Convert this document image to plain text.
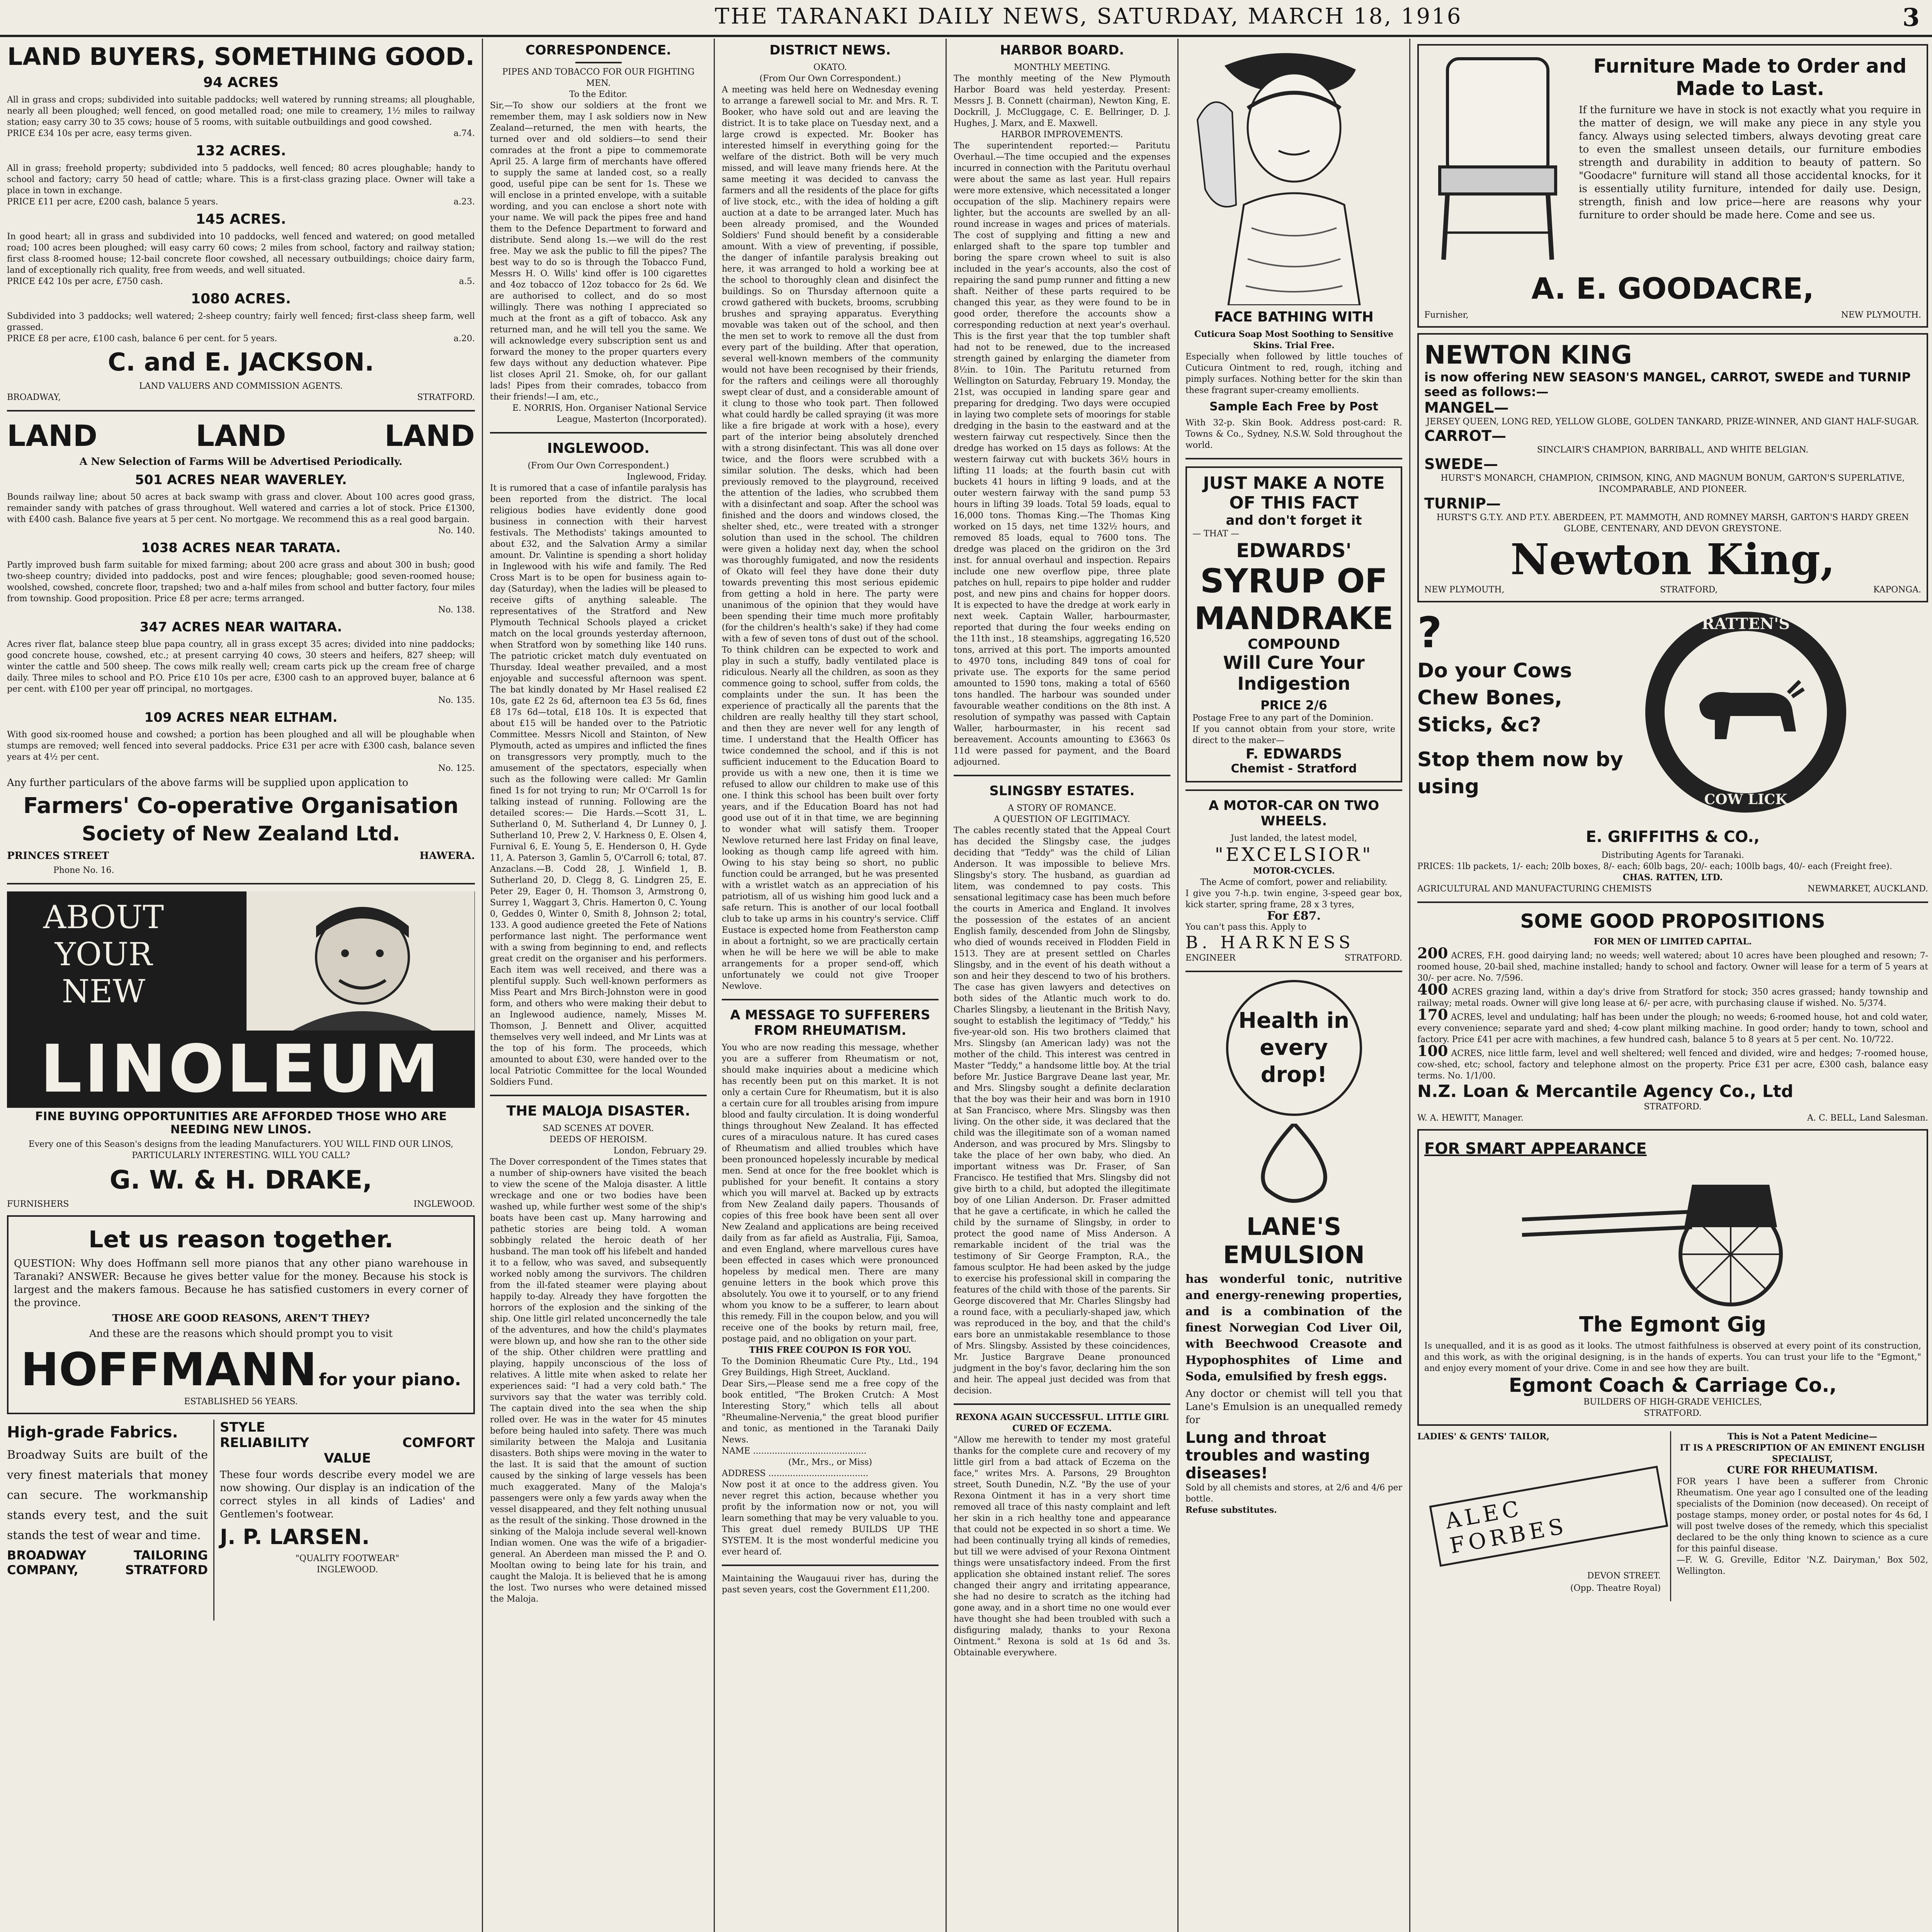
THE TARANAKI DAILY NEWS, SATURDAY, MARCH 18, 1916	3
LAND BUYERS, SOMETHING GOOD.
94 ACRES

All in grass and crops; subdivided into suitable paddocks; well watered by running streams; all ploughable, nearly all been ploughed; well fenced, on good metalled road; one mile to creamery, 1½ miles to railway station; easy carry 30 to 35 cows; house of 5 rooms, with suitable outbuildings and good cowshed.

PRICE £34 10s per acre, easy terms given.	a.74.

132 ACRES.

All in grass; freehold property; subdivided into 5 paddocks, well fenced; 80 acres ploughable; handy to school and factory; carry 50 head of cattle; whare. This is a first-class grazing place. Owner will take a place in town in exchange.

PRICE £11 per acre, £200 cash, balance 5 years.	a.23.

145 ACRES.

In good heart; all in grass and subdivided into 10 paddocks, well fenced and watered; on good metalled road; 100 acres been ploughed; will easy carry 60 cows; 2 miles from school, factory and railway station; first class 8-roomed house; 12-bail concrete floor cowshed, all necessary outbuildings; choice dairy farm, land of exceptionally rich quality, free from weeds, and well situated.

PRICE £42 10s per acre, £750 cash.	a.5.

1080 ACRES.

Subdivided into 3 paddocks; well watered; 2-sheep country; fairly well fenced; first-class sheep farm, well grassed.

PRICE £8 per acre, £100 cash, balance 6 per cent. for 5 years.	a.20.

C. and E. JACKSON.
LAND VALUERS AND COMMISSION AGENTS.
BROADWAY,	STRATFORD.
LAND	LAND	LAND
A New Selection of Farms Will be Advertised Periodically.
501 ACRES NEAR WAVERLEY.

Bounds railway line; about 50 acres at back swamp with grass and clover. About 100 acres good grass, remainder sandy with patches of grass throughout. Well watered and carries a lot of stock. Price £1300, with £400 cash. Balance five years at 5 per cent. No mortgage. We recommend this as a real good bargain.

No. 140.

1038 ACRES NEAR TARATA.

Partly improved bush farm suitable for mixed farming; about 200 acre grass and about 300 in bush; good two-sheep country; divided into paddocks, post and wire fences; ploughable; good seven-roomed house; woolshed, cowshed, concrete floor, trapshed; two and a-half miles from school and butter factory, four miles from township. Good proposition. Price £8 per acre; terms arranged.

No. 138.

347 ACRES NEAR WAITARA.

Acres river flat, balance steep blue papa country, all in grass except 35 acres; divided into nine paddocks; good concrete house, cowshed, etc.; at present carrying 40 cows, 30 steers and heifers, 827 sheep; will winter the cattle and 500 sheep. The cows milk really well; cream carts pick up the cream free of charge daily. Three miles to school and P.O. Price £10 10s per acre, £300 cash to an approved buyer, balance at 6 per cent. with £100 per year off principal, no mortgages.

No. 135.

109 ACRES NEAR ELTHAM.

With good six-roomed house and cowshed; a portion has been ploughed and all will be ploughable when stumps are removed; well fenced into several paddocks. Price £31 per acre with £300 cash, balance seven years at 4½ per cent.

No. 125.

Any further particulars of the above farms will be supplied upon application to

Farmers' Co-operative Organisation
Society of New Zealand Ltd.
PRINCES STREET	HAWERA.
Phone No. 16.
ABOUT YOUR NEW
LINOLEUM
FINE BUYING OPPORTUNITIES ARE AFFORDED THOSE WHO ARE NEEDING NEW LINOS.

Every one of this Season's designs from the leading Manufacturers. YOU WILL FIND OUR LINOS, PARTICULARLY INTERESTING. WILL YOU CALL?

G. W. & H. DRAKE,
FURNISHERS	INGLEWOOD.
Let us reason together.

QUESTION: Why does Hoffmann sell more pianos that any other piano warehouse in Taranaki? ANSWER: Because he gives better value for the money. Because his stock is largest and the makers famous. Because he has satisfied customers in every corner of the province.

THOSE ARE GOOD REASONS, AREN'T THEY?
And these are the reasons which should prompt you to visit
HOFFMANN for your piano.
ESTABLISHED 56 YEARS.
High-grade Fabrics.

Broadway Suits are built of the very finest materials that money can secure. The workmanship stands every test, and the suit stands the test of wear and time.

BROADWAY	TAILORING
COMPANY,	STRATFORD
STYLE
RELIABILITY	COMFORT
VALUE

These four words describe every model we are now showing. Our display is an indication of the correct styles in all kinds of Ladies' and Gentlemen's footwear.

J. P. LARSEN.
"QUALITY FOOTWEAR"
INGLEWOOD.
CORRESPONDENCE.
PIPES AND TOBACCO FOR OUR FIGHTING MEN.
To the Editor.

Sir,—To show our soldiers at the front we remember them, may I ask soldiers now in New Zealand—returned, the men with hearts, the turned over and old soldiers—to send their comrades at the front a pipe to commemorate April 25. A large firm of merchants have offered to supply the same at landed cost, so a really good, useful pipe can be sent for 1s. These we will enclose in a printed envelope, with a suitable wording, and you can enclose a short note with your name. We will pack the pipes free and hand them to the Defence Department to forward and distribute. Send along 1s.—we will do the rest free. May we ask the public to fill the pipes? The best way to do so is through the Tobacco Fund, Messrs H. O. Wills' kind offer is 100 cigarettes and 4oz tobacco of 12oz tobacco for 2s 6d. We are authorised to collect, and do so most willingly. There was nothing I appreciated so much at the front as a gift of tobacco. Ask any returned man, and he will tell you the same. We will acknowledge every subscription sent us and forward the money to the proper quarters every few days without any deduction whatever. Pipe list closes April 21. Smoke, oh, for our gallant lads! Pipes from their comrades, tobacco from their friends!—I am, etc.,

E. NORRIS, Hon. Organiser National Service League, Masterton (Incorporated).

INGLEWOOD.
(From Our Own Correspondent.)
Inglewood, Friday.

It is rumored that a case of infantile paralysis has been reported from the district. The local religious bodies have evidently done good business in connection with their harvest festivals. The Methodists' takings amounted to about £32, and the Salvation Army a similar amount. Dr. Valintine is spending a short holiday in Inglewood with his wife and family. The Red Cross Mart is to be open for business again to-day (Saturday), when the ladies will be pleased to receive gifts of anything saleable. The representatives of the Stratford and New Plymouth Technical Schools played a cricket match on the local grounds yesterday afternoon, when Stratford won by something like 140 runs. The patriotic cricket match duly eventuated on Thursday. Ideal weather prevailed, and a most enjoyable and successful afternoon was spent. The bat kindly donated by Mr Hasel realised £2 10s, gate £2 2s 6d, afternoon tea £3 5s 6d, fines £8 17s 6d—total, £18 10s. It is expected that about £15 will be handed over to the Patriotic Committee. Messrs Nicoll and Stainton, of New Plymouth, acted as umpires and inflicted the fines on transgressors very promptly, much to the amusement of the spectators, especially when such as the following were called: Mr Gamlin fined 1s for not trying to run; Mr O'Carroll 1s for talking instead of running. Following are the detailed scores:— Die Hards.—Scott 31, L. Sutherland 0, M. Sutherland 4, Dr Lunney 0, J. Sutherland 10, Prew 2, V. Harkness 0, E. Olsen 4, Furnival 6, E. Young 5, E. Henderson 0, H. Gyde 11, A. Paterson 3, Gamlin 5, O'Carroll 6; total, 87. Anzaclans.—B. Codd 28, J. Winfield 1, B. Sutherland 20, D. Clegg 8, G. Lindgren 25, E. Peter 29, Eager 0, H. Thomson 3, Armstrong 0, Surrey 1, Waggart 3, Chris. Hamerton 0, C. Young 0, Geddes 0, Winter 0, Smith 8, Johnson 2; total, 133. A good audience greeted the Fete of Nations performance last night. The performance went with a swing from beginning to end, and reflects great credit on the organiser and his performers. Each item was well received, and there was a plentiful supply. Such well-known performers as Miss Peart and Mrs Birch-Johnston were in good form, and others who were making their debut to an Inglewood audience, namely, Misses M. Thomson, J. Bennett and Oliver, acquitted themselves very well indeed, and Mr Lints was at the top of his form. The proceeds, which amounted to about £30, were handed over to the local Patriotic Committee for the local Wounded Soldiers Fund.

THE MALOJA DISASTER.
SAD SCENES AT DOVER.
DEEDS OF HEROISM.
London, February 29.

The Dover correspondent of the Times states that a number of ship-owners have visited the beach to view the scene of the Maloja disaster. A little wreckage and one or two bodies have been washed up, while further west some of the ship's boats have been cast up. Many harrowing and pathetic stories are being told. A woman sobbingly related the heroic death of her husband. The man took off his lifebelt and handed it to a fellow, who was saved, and subsequently worked nobly among the survivors. The children from the ill-fated steamer were playing about happily to-day. Already they have forgotten the horrors of the explosion and the sinking of the ship. One little girl related unconcernedly the tale of the adventures, and how the child's playmates were blown up, and how she ran to the other side of the ship. Other children were prattling and playing, happily unconscious of the loss of relatives. A little mite when asked to relate her experiences said: "I had a very cold bath." The survivors say that the water was terribly cold. The captain dived into the sea when the ship rolled over. He was in the water for 45 minutes before being hauled into safety. There was much similarity between the Maloja and Lusitania disasters. Both ships were moving in the water to the last. It is said that the amount of suction caused by the sinking of large vessels has been much exaggerated. Many of the Maloja's passengers were only a few yards away when the vessel disappeared, and they felt nothing unusual as the result of the sinking. Those drowned in the sinking of the Maloja include several well-known Indian women. One was the wife of a brigadier-general. An Aberdeen man missed the P. and O. Mooltan owing to being late for his train, and caught the Maloja. It is believed that he is among the lost. Two nurses who were detained missed the Maloja.

DISTRICT NEWS.
OKATO.
(From Our Own Correspondent.)

A meeting was held here on Wednesday evening to arrange a farewell social to Mr. and Mrs. R. T. Booker, who have sold out and are leaving the district. It is to take place on Tuesday next, and a large crowd is expected. Mr. Booker has interested himself in everything going for the welfare of the district. Both will be very much missed, and will leave many friends here. At the same meeting it was decided to canvass the farmers and all the residents of the place for gifts of live stock, etc., with the idea of holding a gift auction at a date to be arranged later. Much has been already promised, and the Wounded Soldiers' Fund should benefit by a considerable amount. With a view of preventing, if possible, the danger of infantile paralysis breaking out here, it was arranged to hold a working bee at the school to thoroughly clean and disinfect the buildings. So on Thursday afternoon quite a crowd gathered with buckets, brooms, scrubbing brushes and spraying apparatus. Everything movable was taken out of the school, and then the men set to work to remove all the dust from every part of the building. After that operation, several well-known members of the community would not have been recognised by their friends, for the rafters and ceilings were all thoroughly swept clear of dust, and a considerable amount of it clung to those who took part. Then followed what could hardly be called spraying (it was more like a fire brigade at work with a hose), every part of the interior being absolutely drenched with a strong disinfectant. This was all done over twice, and the floors were scrubbed with a similar solution. The desks, which had been previously removed to the playground, received the attention of the ladies, who scrubbed them with a disinfectant and soap. After the school was finished and the doors and windows closed, the shelter shed, etc., were treated with a stronger solution than used in the school. The children were given a holiday next day, when the school was thoroughly fumigated, and now the residents of Okato will feel they have done their duty towards preventing this most serious epidemic from getting a hold in here. The party were unanimous of the opinion that they would have been spending their time much more profitably (for the children's health's sake) if they had come with a few of seven tons of dust out of the school. To think children can be expected to work and play in such a stuffy, badly ventilated place is ridiculous. Nearly all the children, as soon as they commence going to school, suffer from colds, the complaints under the sun. It has been the experience of practically all the parents that the children are really healthy till they start school, and then they are never well for any length of time. I understand that the Health Officer has twice condemned the school, and if this is not sufficient inducement to the Education Board to provide us with a new one, then it is time we refused to allow our children to make use of this one. I think this school has been built over forty years, and if the Education Board has not had good use out of it in that time, we are beginning to wonder what will satisfy them. Trooper Newlove returned here last Friday on final leave, looking as though camp life agreed with him. Owing to his stay being so short, no public function could be arranged, but he was presented with a wristlet watch as an appreciation of his patriotism, all of us wishing him good luck and a safe return. This is another of our local football club to take up arms in his country's service. Cliff Eustace is expected home from Featherston camp in about a fortnight, so we are practically certain when he will be here we will be able to make arrangements for a proper send-off, which unfortunately we could not give Trooper Newlove.

A MESSAGE TO SUFFERERS FROM RHEUMATISM.

You who are now reading this message, whether you are a sufferer from Rheumatism or not, should make inquiries about a medicine which has recently been put on this market. It is not only a certain Cure for Rheumatism, but it is also a certain cure for all troubles arising from impure blood and faulty circulation. It is doing wonderful things throughout New Zealand. It has effected cures of a miraculous nature. It has cured cases of Rheumatism and allied troubles which have been pronounced hopelessly incurable by medical men. Send at once for the free booklet which is published for your benefit. It contains a story which you will marvel at. Backed up by extracts from New Zealand daily papers. Thousands of copies of this free book have been sent all over New Zealand and applications are being received daily from as far afield as Australia, Fiji, Samoa, and even England, where marvellous cures have been effected in cases which were pronounced hopeless by medical men. There are many genuine letters in the book which prove this absolutely. You owe it to yourself, or to any friend whom you know to be a sufferer, to learn about this remedy. Fill in the coupon below, and you will receive one of the books by return mail, free, postage paid, and no obligation on your part.

THIS FREE COUPON IS FOR YOU.

To the Dominion Rheumatic Cure Pty., Ltd., 194 Grey Buildings, High Street, Auckland.

Dear Sirs,—Please send me a free copy of the book entitled, "The Broken Crutch: A Most Interesting Story," which tells all about "Rheumaline-Nervenia," the great blood purifier and tonic, as mentioned in the Taranaki Daily News.

NAME ..........................................
(Mr., Mrs., or Miss)
ADDRESS .....................................

Now post it at once to the address given. You never regret this action, because whether you profit by the information now or not, you will learn something that may be very valuable to you. This great duel remedy BUILDS UP THE SYSTEM. It is the most wonderful medicine you ever heard of.

Maintaining the Waugauui river has, during the past seven years, cost the Government £11,200.

HARBOR BOARD.
MONTHLY MEETING.

The monthly meeting of the New Plymouth Harbor Board was held yesterday. Present: Messrs J. B. Connett (chairman), Newton King, E. Dockrill, J. McCluggage, C. E. Bellringer, D. J. Hughes, J. Marx, and E. Maxwell.

HARBOR IMPROVEMENTS.

The superintendent reported:— Paritutu Overhaul.—The time occupied and the expenses incurred in connection with the Paritutu overhaul were about the same as last year. Hull repairs were more extensive, which necessitated a longer occupation of the slip. Machinery repairs were lighter, but the accounts are swelled by an all-round increase in wages and prices of materials. The cost of supplying and fitting a new and enlarged shaft to the spare top tumbler and boring the spare crown wheel to suit is also included in the year's accounts, also the cost of repairing the sand pump runner and fitting a new shaft. Neither of these parts required to be changed this year, as they were found to be in good order, therefore the accounts show a corresponding reduction at next year's overhaul. This is the first year that the top tumbler shaft had not to be renewed, due to the increased strength gained by enlarging the diameter from 8½in. to 10in. The Paritutu returned from Wellington on Saturday, February 19. Monday, the 21st, was occupied in landing spare gear and preparing for dredging. Two days were occupied in laying two complete sets of moorings for stable dredging in the basin to the eastward and at the western fairway cut respectively. Since then the dredge has worked on 15 days as follows: At the western fairway cut with buckets 36½ hours in lifting 11 loads; at the fourth basin cut with buckets 41 hours in lifting 9 loads, and at the outer western fairway with the sand pump 53 hours in lifting 39 loads. Total 59 loads, equal to 16,000 tons. Thomas King.—The Thomas King worked on 15 days, net time 132½ hours, and removed 85 loads, equal to 7600 tons. The dredge was placed on the gridiron on the 3rd inst. for annual overhaul and inspection. Repairs include one new overflow pipe, three plate patches on hull, repairs to pipe holder and rudder post, and new pins and chains for hopper doors. It is expected to have the dredge at work early in next week. Captain Waller, harbourmaster, reported that during the four weeks ending on the 11th inst., 18 steamships, aggregating 16,520 tons, arrived at this port. The imports amounted to 4970 tons, including 849 tons of coal for private use. The exports for the same period amounted to 1590 tons, making a total of 6560 tons handled. The harbour was sounded under favourable weather conditions on the 8th inst. A resolution of sympathy was passed with Captain Waller, harbourmaster, in his recent sad bereavement. Accounts amounting to £3663 0s 11d were passed for payment, and the Board adjourned.

SLINGSBY ESTATES.
A STORY OF ROMANCE.
A QUESTION OF LEGITIMACY.

The cables recently stated that the Appeal Court has decided the Slingsby case, the judges deciding that "Teddy" was the child of Lilian Anderson. It was impossible to believe Mrs. Slingsby's story. The husband, as guardian ad litem, was condemned to pay costs. This sensational legitimacy case has been much before the courts in America and England. It involves the possession of the estates of an ancient English family, descended from John de Slingsby, who died of wounds received in Flodden Field in 1513. They are at present settled on Charles Slingsby, and in the event of his death without a son and heir they descend to two of his brothers. The case has given lawyers and detectives on both sides of the Atlantic much work to do. Charles Slingsby, a lieutenant in the British Navy, sought to establish the legitimacy of "Teddy," his five-year-old son. His two brothers claimed that Mrs. Slingsby (an American lady) was not the mother of the child. This interest was centred in Master "Teddy," a handsome little boy. At the trial before Mr. Justice Bargrave Deane last year, Mr. and Mrs. Slingsby sought a definite declaration that the boy was their heir and was born in 1910 at San Francisco, where Mrs. Slingsby was then living. On the other side, it was declared that the child was the illegitimate son of a woman named Anderson, and was procured by Mrs. Slingsby to take the place of her own baby, who died. An important witness was Dr. Fraser, of San Francisco. He testified that Mrs. Slingsby did not give birth to a child, but adopted the illegitimate boy of one Lilian Anderson. Dr. Fraser admitted that he gave a certificate, in which he called the child by the surname of Slingsby, in order to protect the good name of Miss Anderson. A remarkable incident of the trial was the testimony of Sir George Frampton, R.A., the famous sculptor. He had been asked by the judge to exercise his professional skill in comparing the features of the child with those of the parents. Sir George discovered that Mr. Charles Slingsby had a round face, with a peculiarly-shaped jaw, which was reproduced in the boy, and that the child's ears bore an unmistakable resemblance to those of Mrs. Slingsby. Assisted by these coincidences, Mr. Justice Bargrave Deane pronounced judgment in the boy's favor, declaring him the son and heir. The appeal just decided was from that decision.

REXONA AGAIN SUCCESSFUL. LITTLE GIRL CURED OF ECZEMA.

"Allow me herewith to tender my most grateful thanks for the complete cure and recovery of my little girl from a bad attack of Eczema on the face," writes Mrs. A. Parsons, 29 Broughton street, South Dunedin, N.Z. "By the use of your Rexona Ointment it has in a very short time removed all trace of this nasty complaint and left her skin in a rich healthy tone and appearance that could not be expected in so short a time. We had been continually trying all kinds of remedies, but till we were advised of your Rexona Ointment things were unsatisfactory indeed. From the first application she obtained instant relief. The sores changed their angry and irritating appearance, she had no desire to scratch as the itching had gone away, and in a short time no one would ever have thought she had been troubled with such a disfiguring malady, thanks to your Rexona Ointment." Rexona is sold at 1s 6d and 3s. Obtainable everywhere.

FACE BATHING WITH
Cuticura Soap Most Soothing to Sensitive Skins. Trial Free.

Especially when followed by little touches of Cuticura Ointment to red, rough, itching and pimply surfaces. Nothing better for the skin than these fragrant super-creamy emollients.

Sample Each Free by Post

With 32-p. Skin Book. Address post-card: R. Towns & Co., Sydney, N.S.W. Sold throughout the world.

JUST MAKE A NOTE OF THIS FACT
and don't forget it
— THAT —
EDWARDS'
SYRUP OF
MANDRAKE
COMPOUND
Will Cure Your Indigestion
PRICE 2/6
Postage Free to any part of the Dominion.
If you cannot obtain from your store, write direct to the maker—
F. EDWARDS
Chemist - Stratford
A MOTOR-CAR ON TWO WHEELS.
Just landed, the latest model,
"EXCELSIOR"
MOTOR-CYCLES.
The Acme of comfort, power and reliability.

I give you 7-h.p. twin engine, 3-speed gear box, kick starter, spring frame, 28 x 3 tyres,

For £87.
You can't pass this. Apply to
B. HARKNESS
ENGINEER	STRATFORD.
Health in every drop!
LANE'S
EMULSION

has wonderful tonic, nutritive and energy-renewing properties, and is a combination of the finest Norwegian Cod Liver Oil, with Beechwood Creasote and Hypophosphites of Lime and Soda, emulsified by fresh eggs.

Any doctor or chemist will tell you that Lane's Emulsion is an unequalled remedy for

Lung and throat troubles and wasting diseases!

Sold by all chemists and stores, at 2/6 and 4/6 per bottle.

Refuse substitutes.
Furniture Made to Order and Made to Last.

If the furniture we have in stock is not exactly what you require in the matter of design, we will make any piece in any style you fancy. Always using selected timbers, always devoting great care to even the smallest unseen details, our furniture embodies strength and durability in addition to beauty of pattern. So "Goodacre" furniture will stand all those accidental knocks, for it is essentially utility furniture, intended for daily use. Design, strength, finish and low price—here are reasons why your furniture to order should be made here. Come and see us.

A. E. GOODACRE,
Furnisher,	NEW PLYMOUTH.
NEWTON KING
is now offering NEW SEASON'S MANGEL, CARROT, SWEDE and TURNIP seed as follows:—
MANGEL—
JERSEY QUEEN, LONG RED, YELLOW GLOBE, GOLDEN TANKARD, PRIZE-WINNER, AND GIANT HALF-SUGAR.
CARROT—
SINCLAIR'S CHAMPION, BARRIBALL, AND WHITE BELGIAN.
SWEDE—
HURST'S MONARCH, CHAMPION, CRIMSON, KING, AND MAGNUM BONUM, GARTON'S SUPERLATIVE, INCOMPARABLE, AND PIONEER.
TURNIP—
HURST'S G.T.Y. AND P.T.Y. ABERDEEN, P.T. MAMMOTH, AND ROMNEY MARSH, GARTON'S HARDY GREEN GLOBE, CENTENARY, AND DEVON GREYSTONE.
Newton King,
NEW PLYMOUTH,	STRATFORD,	KAPONGA.
?
Do your Cows Chew Bones, Sticks, &c?
Stop them now by using
RATTEN'S
COW LICK
E. GRIFFITHS & CO.,
Distributing Agents for Taranaki.

PRICES: 1lb packets, 1/- each; 20lb boxes, 8/- each; 60lb bags, 20/- each; 100lb bags, 40/- each (Freight free).

CHAS. RATTEN, LTD.
AGRICULTURAL AND MANUFACTURING CHEMISTS	NEWMARKET, AUCKLAND.
SOME GOOD PROPOSITIONS
FOR MEN OF LIMITED CAPITAL.

200 ACRES, F.H. good dairying land; no weeds; well watered; about 10 acres have been ploughed and resown; 7-roomed house, 20-bail shed, machine installed; handy to school and factory. Owner will lease for a term of 5 years at 30/- per acre. No. 7/596.

400 ACRES grazing land, within a day's drive from Stratford for stock; 350 acres grassed; handy township and railway; metal roads. Owner will give long lease at 6/- per acre, with purchasing clause if wished. No. 5/374.

170 ACRES, level and undulating; half has been under the plough; no weeds; 6-roomed house, hot and cold water, every convenience; separate yard and shed; 4-cow plant milking machine. In good order; handy to town, school and factory. Price £41 per acre with machines, a few hundred cash, balance 5 to 8 years at 5 per cent. No. 10/722.

100 ACRES, nice little farm, level and well sheltered; well fenced and divided, wire and hedges; 7-roomed house, cow-shed, etc; school, factory and telephone almost on the property. Price £31 per acre, £300 cash, balance easy terms. No. 1/1/00.

N.Z. Loan & Mercantile Agency Co., Ltd
STRATFORD.
W. A. HEWITT, Manager.	A. C. BELL, Land Salesman.
FOR SMART APPEARANCE
The Egmont Gig

Is unequalled, and it is as good as it looks. The utmost faithfulness is observed at every point of its construction, and this work, as with the original designing, is in the hands of experts. You can trust your life to the "Egmont," and enjoy every moment of your drive. Come in and see how they are built.

Egmont Coach & Carriage Co.,
BUILDERS OF HIGH-GRADE VEHICLES,
STRATFORD.
LADIES' & GENTS' TAILOR,
ALEC FORBES
DEVON STREET.
(Opp. Theatre Royal)
This is Not a Patent Medicine—
IT IS A PRESCRIPTION OF AN EMINENT ENGLISH SPECIALIST,
CURE FOR RHEUMATISM.

FOR years I have been a sufferer from Chronic Rheumatism. One year ago I consulted one of the leading specialists of the Dominion (now deceased). On receipt of postage stamps, money order, or postal notes for 4s 6d, I will post twelve doses of the remedy, which this specialist declared to be the only thing known to science as a cure for this painful disease.

—F. W. G. Greville, Editor 'N.Z. Dairyman,' Box 502, Wellington.
